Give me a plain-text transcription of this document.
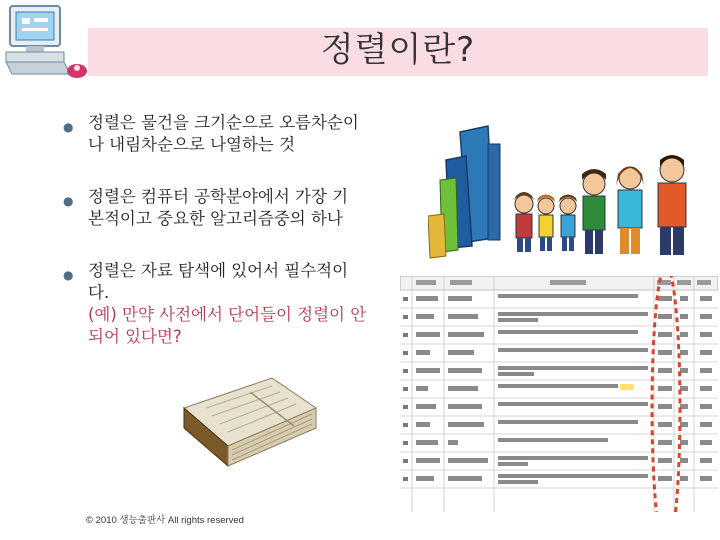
정렬이란?
● 정렬은 물건을 크기순으로 오름차순이
나 내림차순으로 나열하는 것
● 정렬은 컴퓨터 공학분야에서 가장 기
본적이고 중요한 알고리즘중의 하나
● 정렬은 자료 탐색에 있어서 필수적이
다.
(예) 만약 사전에서 단어들이 정렬이 안
되어 있다면?
© 2010 생능출판사 All rights reserved
